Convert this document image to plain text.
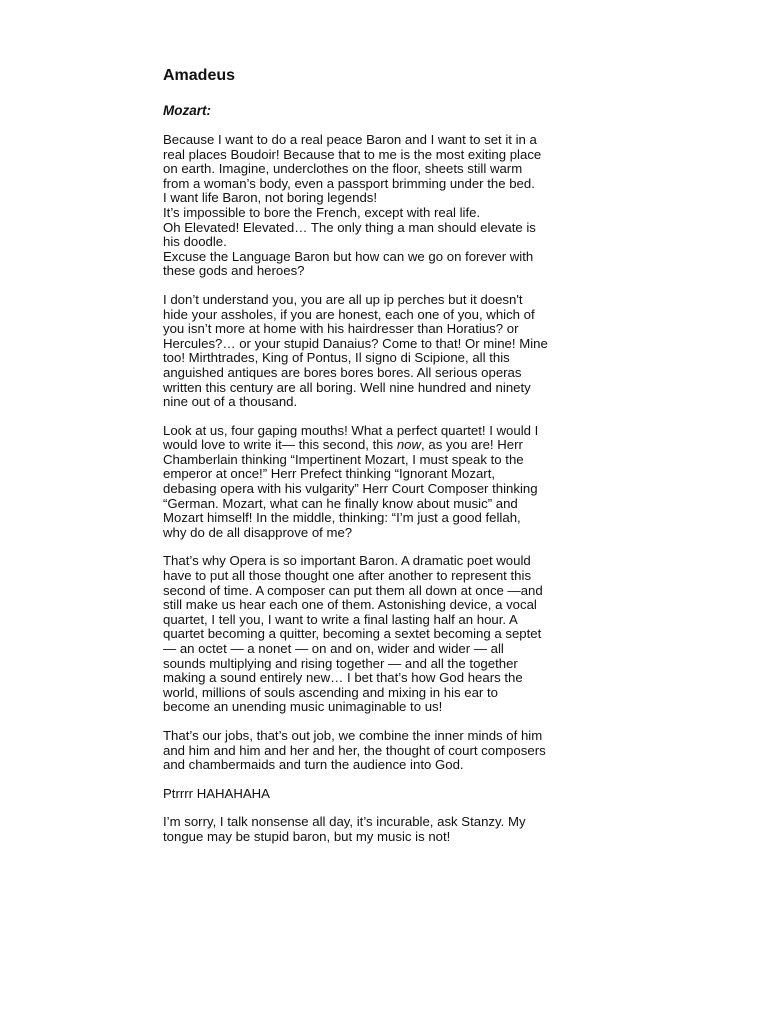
Amadeus

Mozart:

Because I want to do a real peace Baron and I want to set it in a
real places Boudoir! Because that to me is the most exiting place
on earth. Imagine, underclothes on the floor, sheets still warm
from a woman’s body, even a passport brimming under the bed.
I want life Baron, not boring legends!
It’s impossible to bore the French, except with real life.
Oh Elevated! Elevated… The only thing a man should elevate is
his doodle.
Excuse the Language Baron but how can we go on forever with
these gods and heroes?
I don’t understand you, you are all up ip perches but it doesn't
hide your assholes, if you are honest, each one of you, which of
you isn’t more at home with his hairdresser than Horatius? or
Hercules?… or your stupid Danaius? Come to that! Or mine! Mine
too! Mirthtrades, King of Pontus, Il signo di Scipione, all this
anguished antiques are bores bores bores. All serious operas
written this century are all boring. Well nine hundred and ninety
nine out of a thousand.
Look at us, four gaping mouths! What a perfect quartet! I would I
would love to write it— this second, this now, as you are! Herr
Chamberlain thinking “Impertinent Mozart, I must speak to the
emperor at once!” Herr Prefect thinking “Ignorant Mozart,
debasing opera with his vulgarity” Herr Court Composer thinking
“German. Mozart, what can he finally know about music” and
Mozart himself! In the middle, thinking: “I’m just a good fellah,
why do de all disapprove of me?
That’s why Opera is so important Baron. A dramatic poet would
have to put all those thought one after another to represent this
second of time. A composer can put them all down at once —and
still make us hear each one of them. Astonishing device, a vocal
quartet, I tell you, I want to write a final lasting half an hour. A
quartet becoming a quitter, becoming a sextet becoming a septet
— an octet — a nonet — on and on, wider and wider — all
sounds multiplying and rising together — and all the together
making a sound entirely new… I bet that’s how God hears the
world, millions of souls ascending and mixing in his ear to
become an unending music unimaginable to us!
That’s our jobs, that’s out job, we combine the inner minds of him
and him and him and her and her, the thought of court composers
and chambermaids and turn the audience into God.
Ptrrrr HAHAHAHA
I’m sorry, I talk nonsense all day, it’s incurable, ask Stanzy. My
tongue may be stupid baron, but my music is not!
